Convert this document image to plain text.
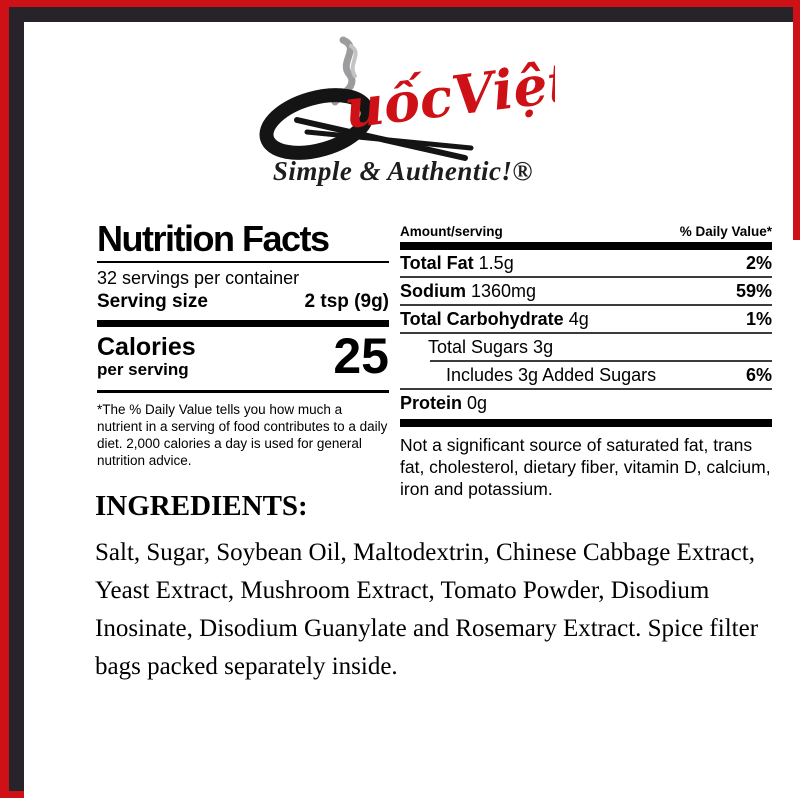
uốcViệt
Simple & Authentic!®
Nutrition Facts
32 servings per container
Serving size	2 tsp (9g)
Calories
per serving	25
*The % Daily Value tells you how much a nutrient in a serving of food contributes to a daily diet. 2,000 calories a day is used for general nutrition advice.
Amount/serving	% Daily Value*
Total Fat 1.5g	2%
Sodium 1360mg	59%
Total Carbohydrate 4g	1%
Total Sugars 3g
Includes 3g Added Sugars	6%
Protein 0g
Not a significant source of saturated fat, trans fat, cholesterol, dietary fiber, vitamin D, calcium, iron and potassium.
INGREDIENTS:
Salt, Sugar, Soybean Oil, Maltodextrin, Chinese Cabbage Extract, Yeast Extract, Mushroom Extract, Tomato Powder, Disodium Inosinate, Disodium Guanylate and Rosemary Extract. Spice filter bags packed separately inside.
